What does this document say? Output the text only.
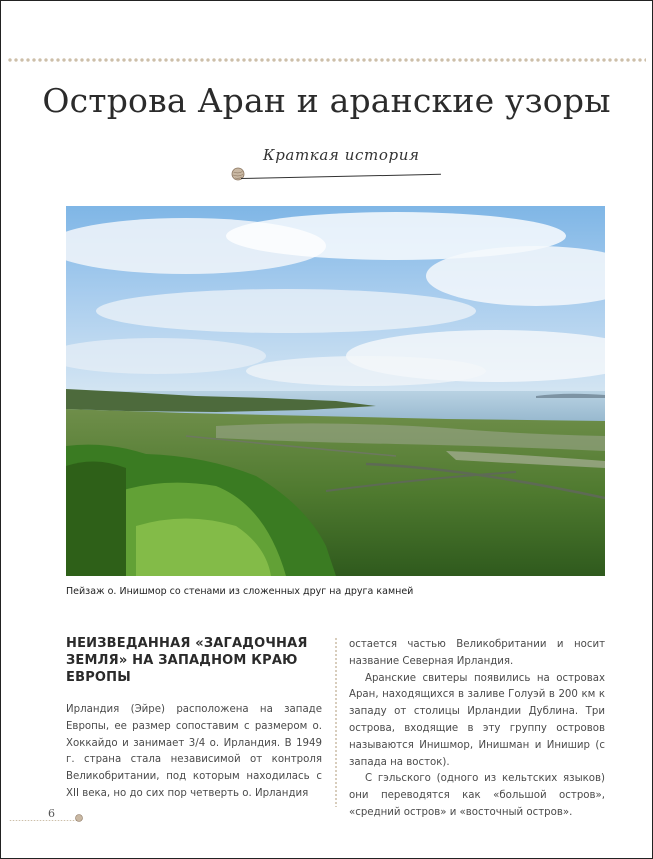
Острова Аран и аранские узоры
Краткая история
Пейзаж о. Инишмор со стенами из сложенных друг на друга камней
НЕИЗВЕДАННАЯ «ЗАГАДОЧНАЯ ЗЕМЛЯ» НА ЗАПАДНОМ КРАЮ ЕВРОПЫ

Ирландия (Эйре) расположена на западе Европы, ее размер сопоставим с размером о. Хоккайдо и занимает 3/4 о. Ирландия. В 1949 г. страна стала независимой от контроля Великобритании, под которым находилась с XII века, но до сих пор четверть о. Ирландия

остается частью Великобритании и носит название Северная Ирландия.

Аранские свитеры появились на островах Аран, находящихся в заливе Голуэй в 200 км к западу от столицы Ирландии Дублина. Три острова, входящие в эту группу островов называются Инишмор, Инишман и Инишир (с запада на восток).

С гэльского (одного из кельтских языков) они переводятся как «большой остров», «средний остров» и «восточный остров».

6
